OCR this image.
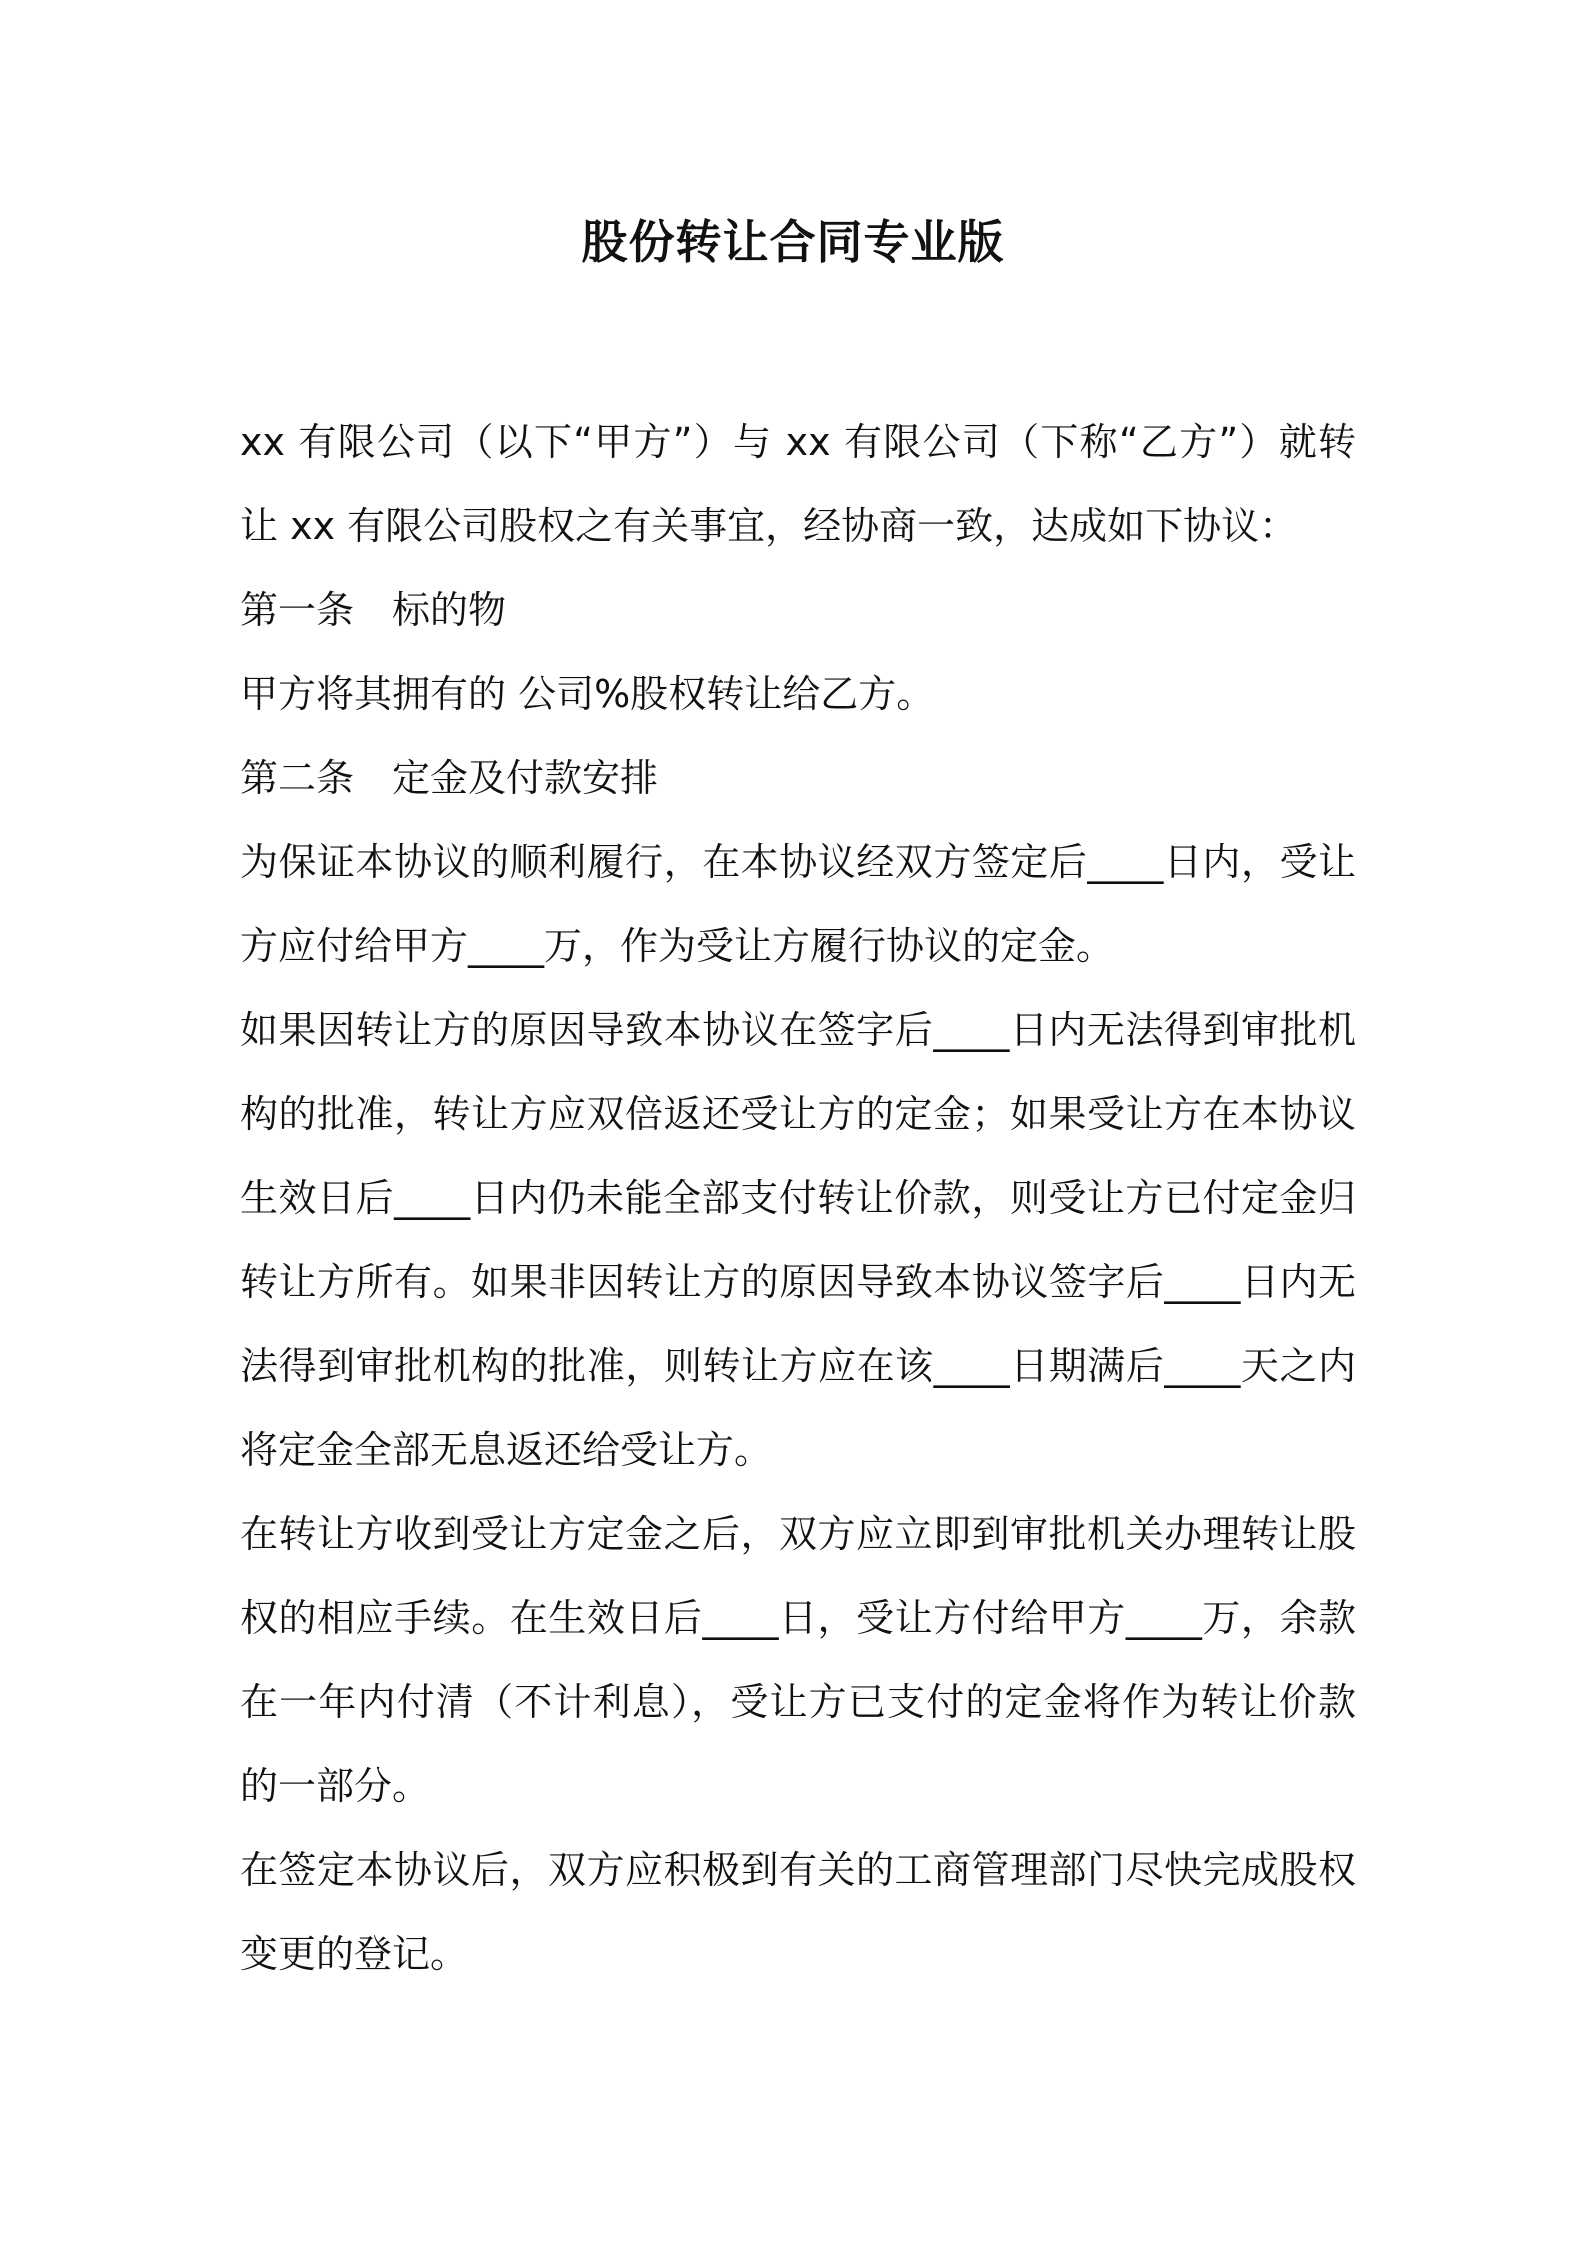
股份转让合同专业版

xx 有限公司（以下“甲方”）与 xx 有限公司（下称“乙方”）就转让 xx 有限公司股权之有关事宜，经协商一致，达成如下协议：

第一条 标的物

甲方将其拥有的 公司%股权转让给乙方。

第二条 定金及付款安排

为保证本协议的顺利履行，在本协议经双方签定后____日内，受让方应付给甲方____万，作为受让方履行协议的定金。

如果因转让方的原因导致本协议在签字后____日内无法得到审批机构的批准，转让方应双倍返还受让方的定金；如果受让方在本协议生效日后____日内仍未能全部支付转让价款，则受让方已付定金归转让方所有。如果非因转让方的原因导致本协议签字后____日内无法得到审批机构的批准，则转让方应在该____日期满后____天之内将定金全部无息返还给受让方。

在转让方收到受让方定金之后，双方应立即到审批机关办理转让股权的相应手续。在生效日后____日，受让方付给甲方____万，余款在一年内付清（不计利息），受让方已支付的定金将作为转让价款的一部分。

在签定本协议后，双方应积极到有关的工商管理部门尽快完成股权变更的登记。
